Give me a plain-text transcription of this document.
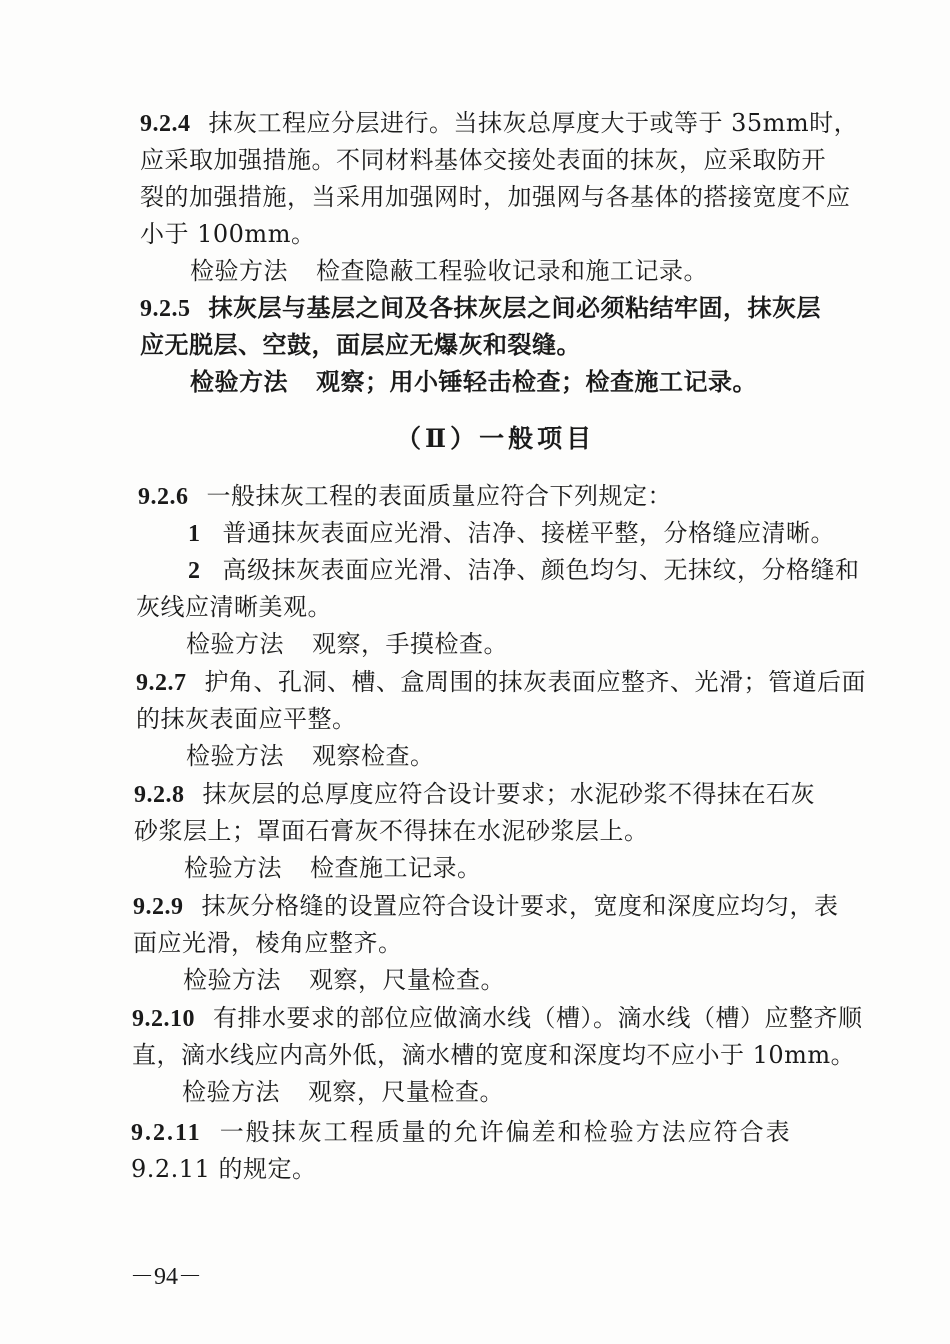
9.2.4 抹灰工程应分层进行。当抹灰总厚度大于或等于 35mm时，
应采取加强措施。不同材料基体交接处表面的抹灰，应采取防开
裂的加强措施，当采用加强网时，加强网与各基体的搭接宽度不应
小于 100mm。
检验方法 检查隐蔽工程验收记录和施工记录。
9.2.5 抹灰层与基层之间及各抹灰层之间必须粘结牢固，抹灰层
应无脱层、空鼓，面层应无爆灰和裂缝。
检验方法 观察；用小锤轻击检查；检查施工记录。
（Ⅱ）一般项目
9.2.6 一般抹灰工程的表面质量应符合下列规定：
1 普通抹灰表面应光滑、洁净、接槎平整，分格缝应清晰。
2 高级抹灰表面应光滑、洁净、颜色均匀、无抹纹，分格缝和
灰线应清晰美观。
检验方法 观察，手摸检查。
9.2.7 护角、孔洞、槽、盒周围的抹灰表面应整齐、光滑；管道后面
的抹灰表面应平整。
检验方法 观察检查。
9.2.8 抹灰层的总厚度应符合设计要求；水泥砂浆不得抹在石灰
砂浆层上；罩面石膏灰不得抹在水泥砂浆层上。
检验方法 检查施工记录。
9.2.9 抹灰分格缝的设置应符合设计要求，宽度和深度应均匀，表
面应光滑，棱角应整齐。
检验方法 观察，尺量检查。
9.2.10 有排水要求的部位应做滴水线（槽）。滴水线（槽）应整齐顺
直，滴水线应内高外低，滴水槽的宽度和深度均不应小于 10mm。
检验方法 观察，尺量检查。
9.2.11 一般抹灰工程质量的允许偏差和检验方法应符合表
9.2.11 的规定。
－94－
